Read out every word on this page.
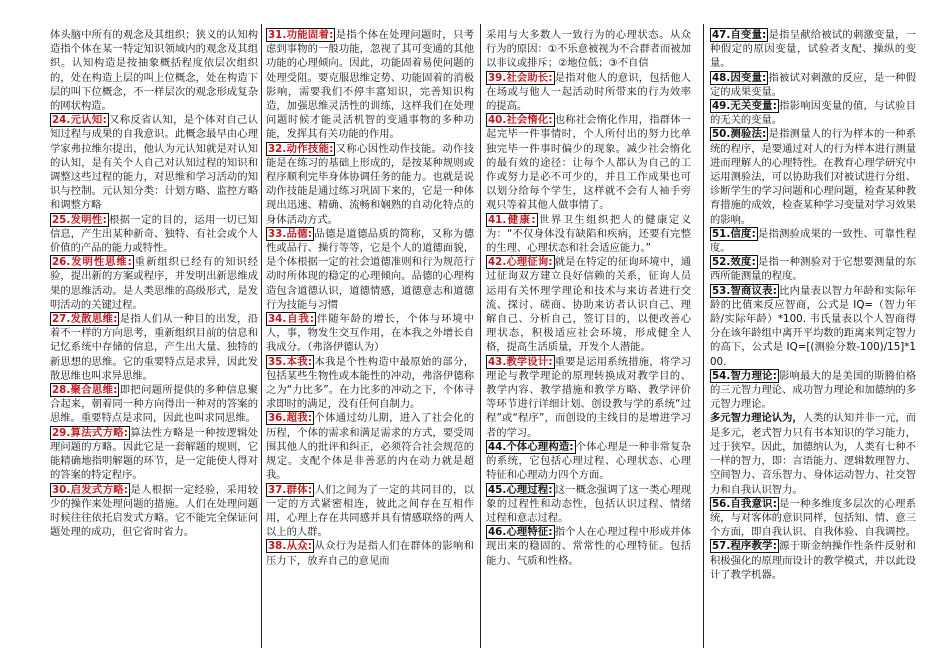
体头脑中所有的观念及其组织；狭义的认知构造指个体在某一特定知识领域内的观念及其组织。认知构造是按抽象概括程度依层次组织的，处在构造上层的叫上位概念，处在构造下层的叫下位概念，不一样层次的观念形成复杂的网状构造。

24.元认知: 又称反省认知，是个体对自己认知过程与成果的自我意识。此概念最早由心理学家弗拉维尔提出，他认为元认知就是对认知的认知，是有关个人自己对认知过程的知识和调整这些过程的能力，对思维和学习活动的知识与控制。元认知分类：计划方略、监控方略和调整方略

25.发明性: 根据一定的目的，运用一切已知信息，产生出某种新奇、独特、有社会或个人价值的产品的能力或特性。

26.发明性思维: 重新组织已经有的知识经验，提出新的方案或程序，并发明出新思维成果的思维活动。是人类思维的高级形式，是发明活动的关键过程。

27.发散思维: 是指人们从一种目的出发，沿着不一样的方向思考，重新组织目前的信息和记忆系统中存储的信息，产生出大量、独特的新思想的思维。它的重要特点是求异，因此发散思维也叫求异思维。

28.聚合思维: 即把问题所提供的多种信息聚合起来，朝着同一种方向得出一种对的答案的思维。重要特点是求同，因此也叫求同思维。

29.算法式方略: 算法性方略是一种按逻辑处理问题的方略。因此它是一套解题的规则，它能精确地指明解题的环节，是一定能使人得对的答案的特定程序。

30.启发式方略: 是人根据一定经验，采用较少的操作来处理问题的措施。人们在处理问题时候往往依托启发式方略。它不能完全保证问题处理的成功，但它省时省力。

31.功能固着: 是指个体在处理问题时，只考虑到事物的一般功能，忽视了其可变通的其他功能的心理倾向。因此，功能固着易使问题的处理受阻。要克服思维定势、功能固着的消极影响，需要我们不停丰富知识，完善知识构造，加强思维灵活性的训练，这样我们在处理问题时候才能灵活机智的变通事物的多种功能，发挥其有关功能的作用。

32.动作技能: 又称心因性动作技能。动作技能是在练习的基础上形成的，是按某种规则或程序顺利完毕身体协调任务的能力。也就是说动作技能是通过练习巩固下来的，它是一种体现出迅速、精确、流畅和娴熟的自动化特点的身体活动方式。

33.品德: 品德是道德品质的简称，又称为德性或品行、操行等等，它是个人的道德面貌，是个体根据一定的社会道德准则和行为规范行动时所体现的稳定的心理倾向。品德的心理构造包含道德认识，道德情感，道德意志和道德行为技能与习惯

34.自我: 伴随年龄的增长，个体与环境中人，事，物发生交互作用，在本我之外增长自我成分。（弗洛伊德认为）

35.本我: 本我是个性构造中最原始的部分，包括某些生物性或本能性的冲动，弗洛伊德称之为“力比多”。在力比多的冲动之下，个体寻求即时的满足，没有任何自制力。

36.超我: 个体通过幼儿期，进入了社会化的历程，个体的需求和满足需求的方式，要受周围其他人的批评和纠正，必须符合社会规范的规定。支配个体是非善恶的内在动力就是超我。

37.群体: 人们之间为了一定的共同目的，以一定的方式紧密相连，彼此之间存在互相作用，心理上存在共同感并具有情感联络的两人以上的人群。

38.从众: 从众行为是指人们在群体的影响和压力下，放弃自己的意见而

采用与大多数人一致行为的心理状态。从众行为的原因：①不乐意被视为不合群者而被加以非议或排斥；②地位低；③不自信

39.社会助长: 是指对他人的意识，包括他人在场或与他人一起活动时所带来的行为效率的提高。

40.社会惰化: 也称社会惰化作用，指群体一起完毕一件事情时，个人所付出的努力比单独完毕一件事时偏少的现象。减少社会惰化的最有效的途径：让每个人都认为自己的工作或努力是必不可少的，并且工作成果也可以划分给每个学生，这样就不会有人袖手旁观只等着其他人做事情了。

41.健康: 世界卫生组织把人的健康定义为：“不仅身体没有缺陷和疾病，还要有完整的生理、心理状态和社会适应能力。”

42.心理征询: 就是在特定的征询环境中，通过征询双方建立良好信赖的关系，征询人员运用有关怀理学理论和技术与来访者进行交流、探讨、磋商、协助来访者认识自己、理解自己、分析自己，签订目的，以便改善心理状态，积极适应社会环境，形成健全人格，提高生活质量，开发个人潜能。

43.教学设计: 重要是运用系统措施，将学习理论与教学理论的原理转换成对教学目的、教学内容、教学措施和教学方略、教学评价等环节进行详细计划、创设教与学的系统“过程”或“程序”，而创设的主线目的是增进学习者的学习。

44.个体心理构造: 个体心理是一种非常复杂的系统，它包括心理过程、心理状态、心理特征和心理动力四个方面。

45.心理过程: 这一概念强调了这一类心理现象的过程性和动态性，包括认识过程、情绪过程和意志过程。

46.心理特征: 指个人在心理过程中形成并体现出来的稳固的、常常性的心理特征。包括能力、气质和性格。

47.自变量: 是指呈献给被试的刺激变量，一种假定的原因变量，试验者支配、操纵的变量。

48.因变量: 指被试对刺激的反应，是一种假定的成果变量。

49.无关变量: 指影响因变量的值，与试验目的无关的变量。

50.测验法: 是指测量人的行为样本的一种系统的程序，是要通过对人的行为样本进行测量进而理解人的心理特性。在教育心理学研究中运用测验法，可以协助我们对被试进行分组、诊断学生的学习问题和心理问题，检查某种教育措施的成效，检查某种学习变量对学习效果的影响。

51.信度: 是指测验成果的一致性、可靠性程度。

52.效度: 是指一种测验对于它想要测量的东西所能测量的程度。

53.智商议表: 比内量表以智力年龄和实际年龄的比值来反应智商，公式是 IQ=（智力年龄/实际年龄）*100. 韦氏量表以个人智商得分在该年龄组中离开平均数的距离来判定智力的高下，公式是 IQ=[(测验分数-100)/15]*100.

54.智力理论: 影响最大的是美国的斯腾伯格的三元智力理论、成功智力理论和加德纳的多元智力理论。

多元智力理论认为，人类的认知并非一元，而是多元，老式智力只有书本知识的学习能力，过于狭窄。因此，加德纳认为，人类有七种不一样的智力，即：言语能力、逻辑数理智力、空间智力、音乐智力、身体运动智力、社交智力和自我认识智力。

56.自我意识: 是一种多维度多层次的心理系统，与对客体的意识同样，包括知、情、意三个方面，即自我认识、自我体验、自我调控。

57.程序教学: 源于斯金纳操作性条件反射和积极强化的原理而设计的教学模式，并以此设计了教学机器。
